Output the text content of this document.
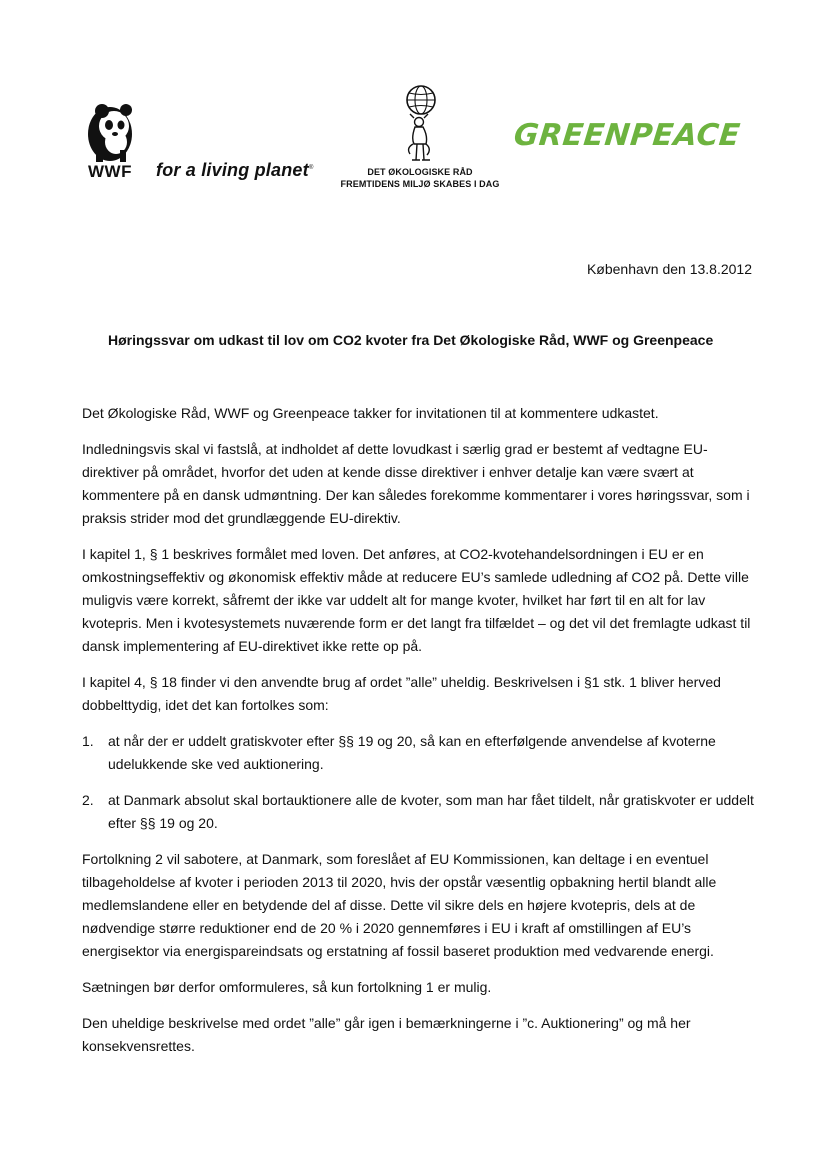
WWF	for a living planet®	DET ØKOLOGISKE RÅD
FREMTIDENS MILJØ SKABES I DAG
GREENPEACE
København den 13.8.2012
Høringssvar om udkast til lov om CO2 kvoter fra Det Økologiske Råd, WWF og Greenpeace

Det Økologiske Råd, WWF og Greenpeace takker for invitationen til at kommentere udkastet.

Indledningsvis skal vi fastslå, at indholdet af dette lovudkast i særlig grad er bestemt af vedtagne EU-direktiver på området, hvorfor det uden at kende disse direktiver i enhver detalje kan være svært at kommentere på en dansk udmøntning. Der kan således forekomme kommentarer i vores høringssvar, som i praksis strider mod det grundlæggende EU-direktiv.

I kapitel 1, § 1 beskrives formålet med loven. Det anføres, at CO2-kvotehandelsordningen i EU er en omkostningseffektiv og økonomisk effektiv måde at reducere EU’s samlede udledning af CO2 på. Dette ville muligvis være korrekt, såfremt der ikke var uddelt alt for mange kvoter, hvilket har ført til en alt for lav kvotepris. Men i kvotesystemets nuværende form er det langt fra tilfældet – og det vil det fremlagte udkast til dansk implementering af EU-direktivet ikke rette op på.

I kapitel 4, § 18 finder vi den anvendte brug af ordet ”alle” uheldig. Beskrivelsen i §1 stk. 1 bliver herved dobbelttydig, idet det kan fortolkes som:

1.	at når der er uddelt gratiskvoter efter §§ 19 og 20, så kan en efterfølgende anvendelse af kvoterne udelukkende ske ved auktionering.
2.	at Danmark absolut skal bortauktionere alle de kvoter, som man har fået tildelt, når gratiskvoter er uddelt efter §§ 19 og 20.

Fortolkning 2 vil sabotere, at Danmark, som foreslået af EU Kommissionen, kan deltage i en eventuel tilbageholdelse af kvoter i perioden 2013 til 2020, hvis der opstår væsentlig opbakning hertil blandt alle medlemslandene eller en betydende del af disse. Dette vil sikre dels en højere kvotepris, dels at de nødvendige større reduktioner end de 20 % i 2020 gennemføres i EU i kraft af omstillingen af EU’s energisektor via energispareindsats og erstatning af fossil baseret produktion med vedvarende energi.

Sætningen bør derfor omformuleres, så kun fortolkning 1 er mulig.

Den uheldige beskrivelse med ordet ”alle” går igen i bemærkningerne i ”c. Auktionering” og må her konsekvensrettes.
